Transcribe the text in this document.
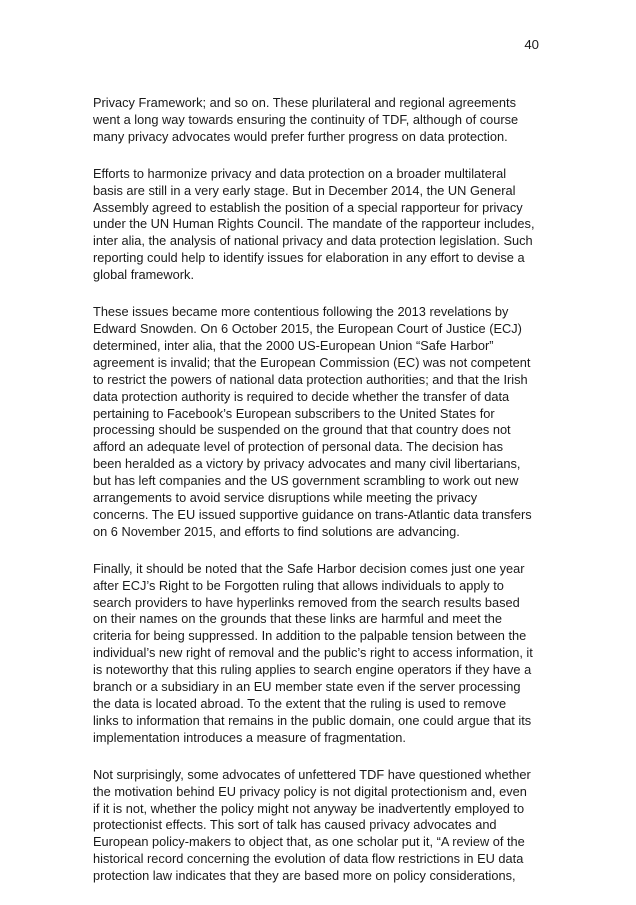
40

Privacy Framework; and so on. These plurilateral and regional agreements
went a long way towards ensuring the continuity of TDF, although of course
many privacy advocates would prefer further progress on data protection.

Efforts to harmonize privacy and data protection on a broader multilateral
basis are still in a very early stage. But in December 2014, the UN General
Assembly agreed to establish the position of a special rapporteur for privacy
under the UN Human Rights Council. The mandate of the rapporteur includes,
inter alia, the analysis of national privacy and data protection legislation. Such
reporting could help to identify issues for elaboration in any effort to devise a
global framework.

These issues became more contentious following the 2013 revelations by
Edward Snowden. On 6 October 2015, the European Court of Justice (ECJ)
determined, inter alia, that the 2000 US-European Union “Safe Harbor”
agreement is invalid; that the European Commission (EC) was not competent
to restrict the powers of national data protection authorities; and that the Irish
data protection authority is required to decide whether the transfer of data
pertaining to Facebook’s European subscribers to the United States for
processing should be suspended on the ground that that country does not
afford an adequate level of protection of personal data. The decision has
been heralded as a victory by privacy advocates and many civil libertarians,
but has left companies and the US government scrambling to work out new
arrangements to avoid service disruptions while meeting the privacy
concerns. The EU issued supportive guidance on trans-Atlantic data transfers
on 6 November 2015, and efforts to find solutions are advancing.

Finally, it should be noted that the Safe Harbor decision comes just one year
after ECJ’s Right to be Forgotten ruling that allows individuals to apply to
search providers to have hyperlinks removed from the search results based
on their names on the grounds that these links are harmful and meet the
criteria for being suppressed. In addition to the palpable tension between the
individual’s new right of removal and the public’s right to access information, it
is noteworthy that this ruling applies to search engine operators if they have a
branch or a subsidiary in an EU member state even if the server processing
the data is located abroad. To the extent that the ruling is used to remove
links to information that remains in the public domain, one could argue that its
implementation introduces a measure of fragmentation.

Not surprisingly, some advocates of unfettered TDF have questioned whether
the motivation behind EU privacy policy is not digital protectionism and, even
if it is not, whether the policy might not anyway be inadvertently employed to
protectionist effects. This sort of talk has caused privacy advocates and
European policy-makers to object that, as one scholar put it, “A review of the
historical record concerning the evolution of data flow restrictions in EU data
protection law indicates that they are based more on policy considerations,
